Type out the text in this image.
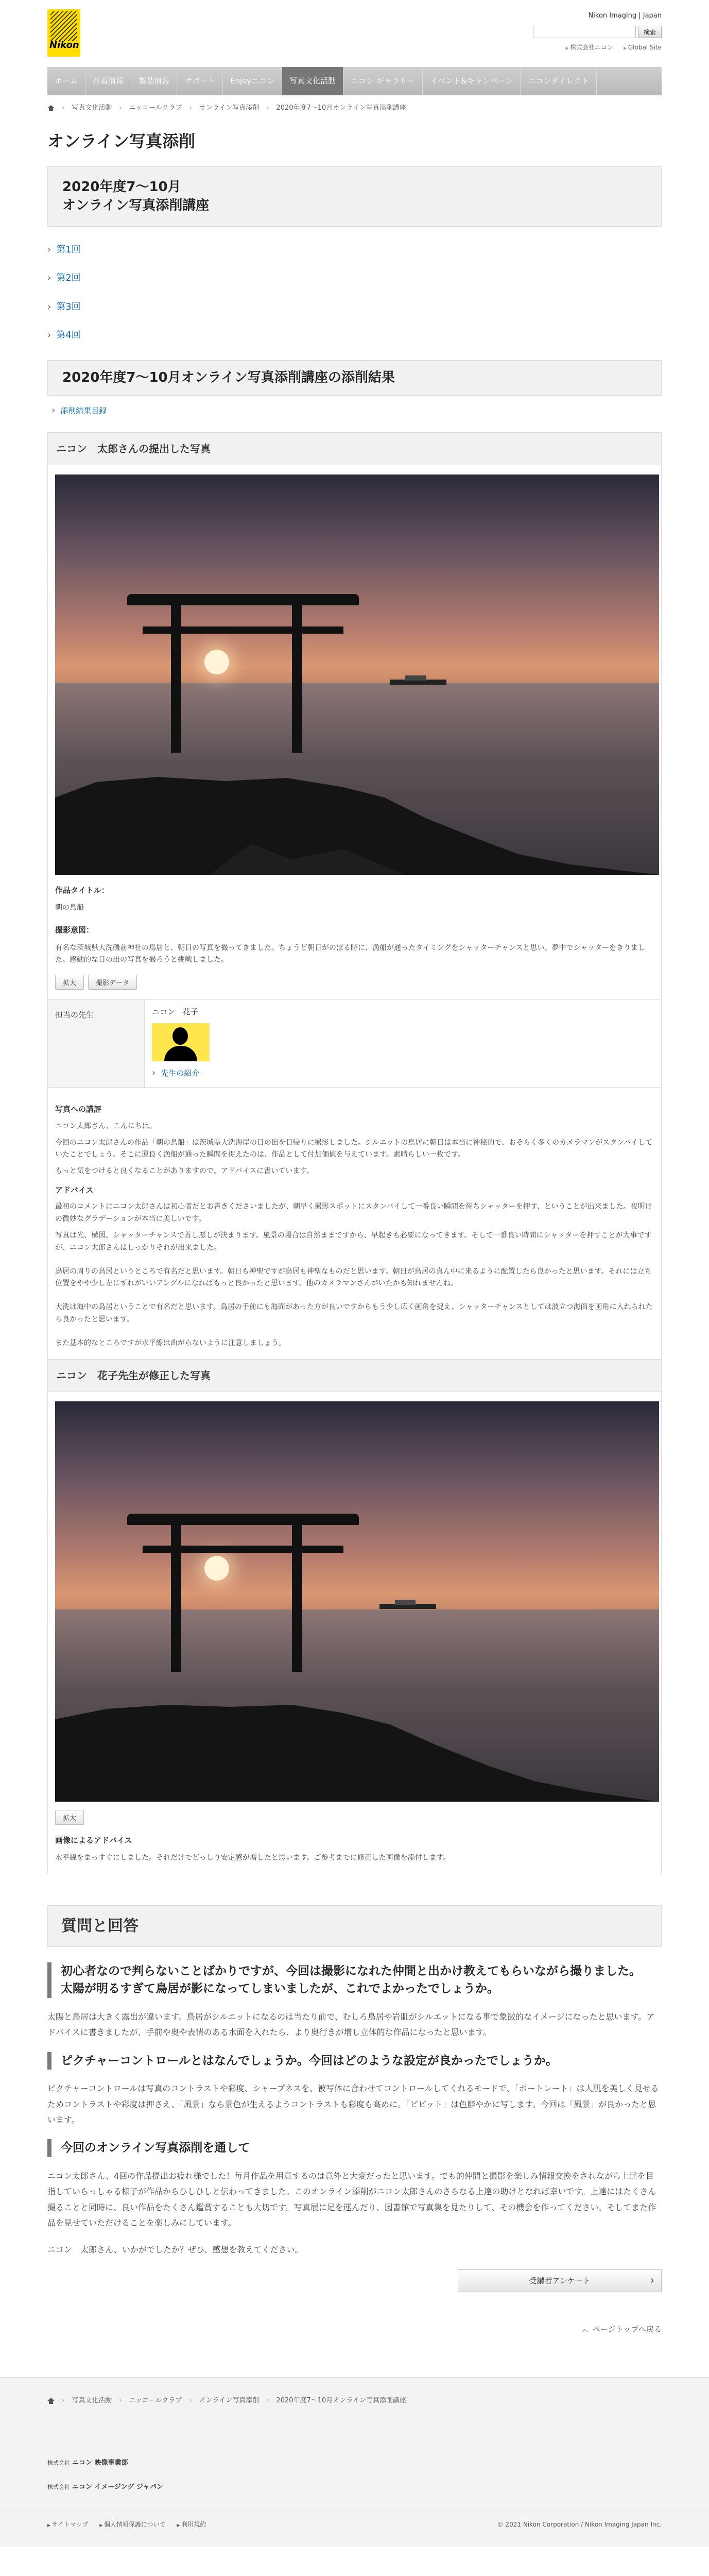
Nikon
Nikon Imaging | Japan
検索
▶ 株式会社ニコン	▶ Global Site
ホーム	新着情報	製品情報	サポート	Enjoyニコン	写真文化活動	ニコン ギャラリー	イベント&キャンペーン	ニコンダイレクト
› 写真文化活動 › ニッコールクラブ › オンライン写真添削 › 2020年度7〜10月オンライン写真添削講座
オンライン写真添削
2020年度7〜10月
オンライン写真添削講座
› 第1回
› 第2回
› 第3回
› 第4回
2020年度7〜10月オンライン写真添削講座の添削結果
› 添削結果目録
ニコン　太郎さんの提出した写真
作品タイトル：
朝の鳥船
撮影意図：
有名な茨城県大洗磯前神社の鳥居と、朝日の写真を撮ってきました。ちょうど朝日がのぼる時に、漁船が通ったタイミングをシャッターチャンスと思い、夢中でシャッターをきりました。感動的な日の出の写真を撮ろうと挑戦しました。
拡大	撮影データ
担当の先生	ニコン　花子
› 先生の紹介
写真への講評

ニコン太郎さん、こんにちは。

今回のニコン太郎さんの作品「朝の鳥船」は茨城県大洗海岸の日の出を日帰りに撮影しました。シルエットの鳥居に朝日は本当に神秘的で、おそらく多くのカメラマンがスタンバイしていたことでしょう。そこに運良く漁船が通った瞬間を捉えたのは、作品として付加価値を与えています。素晴らしい一枚です。

もっと気をつけると良くなることがありますので、アドバイスに書いています。

アドバイス

最初のコメントにニコン太郎さんは初心者だとお書きくださいましたが、朝早く撮影スポットにスタンバイして一番良い瞬間を待ちシャッターを押す、ということが出来ました。夜明けの微妙なグラデーションが本当に美しいです。

写真は光、構図、シャッターチャンスで善し悪しが決まります。風景の場合は自然ままですから、早起きも必要になってきます。そして一番良い時間にシャッターを押すことが大事ですが、ニコン太郎さんはしっかりそれが出来ました。

鳥居の周りの鳥居というところで有名だと思います。朝日も神聖ですが鳥居も神聖なものだと思います。朝日が鳥居の真ん中に来るように配置したら良かったと思います。それには立ち位置をやや少し左にずれがいいアングルになればもっと良かったと思います。他のカメラマンさんがいたかも知れませんね。

大洗は海中の鳥居ということで有名だと思います。鳥居の手前にも海面があった方が良いですからもう少し広く画角を捉え、シャッターチャンスとしては波立つ海面を画角に入れられたら良かったと思います。

また基本的なところですが水平線は曲がらないように注意しましょう。

ニコン　花子先生が修正した写真
拡大
画像によるアドバイス
水平線をまっすぐにしました。それだけでどっしり安定感が増したと思います。ご参考までに修正した画像を添付します。
質問と回答
初心者なので判らないことばかりですが、今回は撮影になれた仲間と出かけ教えてもらいながら撮りました。太陽が明るすぎて鳥居が影になってしまいましたが、これでよかったでしょうか。
太陽と鳥居は大きく露出が違います。鳥居がシルエットになるのは当たり前で、むしろ鳥居や岩肌がシルエットになる事で象徴的なイメージになったと思います。アドバイスに書きましたが、手前や奥や表情のある水面を入れたら、より奥行きが増し立体的な作品になったと思います。
ピクチャーコントロールとはなんでしょうか。今回はどのような設定が良かったでしょうか。
ピクチャーコントロールは写真のコントラストや彩度、シャープネスを、被写体に合わせてコントロールしてくれるモードで、「ポートレート」は人肌を美しく見せるためコントラストや彩度は押さえ、「風景」なら景色が生えるようコントラストも彩度も高めに。「ビビット」は色鮮やかに写します。今回は「風景」が良かったと思います。
今回のオンライン写真添削を通して
ニコン太郎さん、4回の作品提出お疲れ様でした！毎月作品を用意するのは意外と大変だったと思います。でも的仲間と撮影を楽しみ情報交換をされながら上達を目指していらっしゃる様子が作品からひしひしと伝わってきました。このオンライン添削がニコン太郎さんのさらなる上達の助けとなれば幸いです。上達にはたくさん撮ることと同時に、良い作品をたくさん鑑賞することも大切です。写真展に足を運んだり、図書館で写真集を見たりして、その機会を作ってください。そしてまた作品を見せていただけることを楽しみにしています。
ニコン　太郎さん、いかがでしたか？ぜひ、感想を教えてください。
受講者アンケート ›
︿ ページトップへ戻る
› 写真文化活動 › ニッコールクラブ › オンライン写真添削 › 2020年度7〜10月オンライン写真添削講座
株式会社 ニコン 映像事業部
株式会社 ニコン イメージング ジャパン
▶ サイトマップ	▶ 個人情報保護について	▶ 利用規約	© 2021 Nikon Corporation / Nikon Imaging Japan Inc.
